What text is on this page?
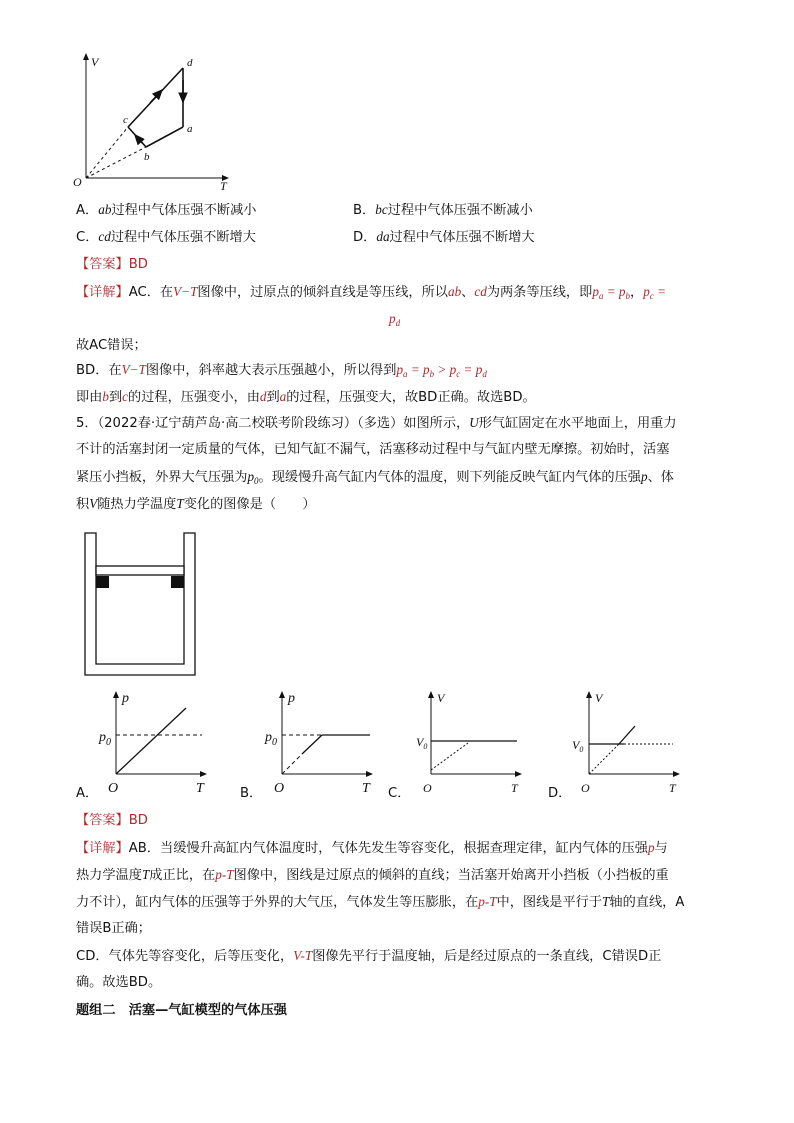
V
T
O
d
a
c
b
A．ab过程中气体压强不断减小	B．bc过程中气体压强不断减小
C．cd过程中气体压强不断增大	D．da过程中气体压强不断增大
【答案】BD
【详解】AC．在V−T图像中，过原点的倾斜直线是等压线，所以ab、cd为两条等压线，即$p_a = p_b$，$p_c$ =
$p_d$
故AC错误；
BD．在V−T图像中，斜率越大表示压强越小，所以得到$p_a = p_b > p_c = p_d$
即由b到c的过程，压强变小，由d到a的过程，压强变大，故BD正确。故选BD。
5．（2022春·辽宁葫芦岛·高二校联考阶段练习）（多选）如图所示，U形气缸固定在水平地面上，用重力
不计的活塞封闭一定质量的气体，已知气缸不漏气，活塞移动过程中与气缸内壁无摩擦。初始时，活塞
紧压小挡板，外界大气压强为$p_0$。现缓慢升高气缸内气体的温度，则下列能反映气缸内气体的压强p、体
积V随热力学温度T变化的图像是（　　）
p
T
O
$p_0$
A．
p
T
O
$p_0$
B．
V
T
O
$V_0$
C．
V
T
O
$V_0$
D．
【答案】BD
【详解】AB．当缓慢升高缸内气体温度时，气体先发生等容变化，根据查理定律，缸内气体的压强p与
热力学温度T成正比，在p-T图像中，图线是过原点的倾斜的直线；当活塞开始离开小挡板（小挡板的重
力不计），缸内气体的压强等于外界的大气压，气体发生等压膨胀，在p-T中，图线是平行于T轴的直线，A
错误B正确；
CD．气体先等容变化，后等压变化，V-T图像先平行于温度轴，后是经过原点的一条直线，C错误D正
确。故选BD。
题组二　活塞—气缸模型的气体压强
